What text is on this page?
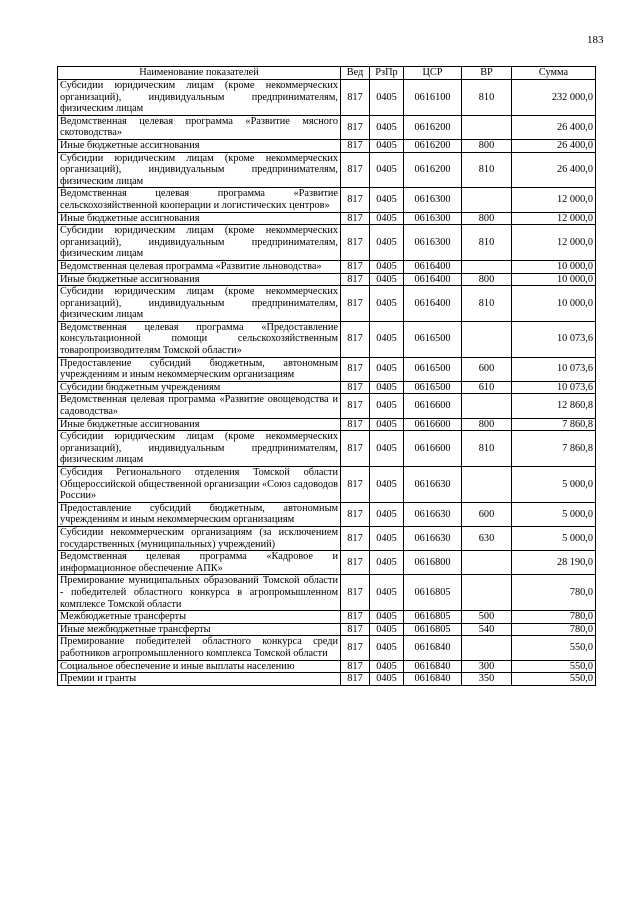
183
Наименование показателей	Вед	РзПр	ЦСР	ВР	Сумма
Субсидии юридическим лицам (кроме некоммерческих организаций), индивидуальным предпринимателям, физическим лицам	817	0405	0616100	810	232 000,0
Ведомственная целевая программа «Развитие мясного скотоводства»	817	0405	0616200		26 400,0
Иные бюджетные ассигнования	817	0405	0616200	800	26 400,0
Субсидии юридическим лицам (кроме некоммерческих организаций), индивидуальным предпринимателям, физическим лицам	817	0405	0616200	810	26 400,0
Ведомственная целевая программа «Развитие сельскохозяйственной кооперации и логистических центров»	817	0405	0616300		12 000,0
Иные бюджетные ассигнования	817	0405	0616300	800	12 000,0
Субсидии юридическим лицам (кроме некоммерческих организаций), индивидуальным предпринимателям, физическим лицам	817	0405	0616300	810	12 000,0
Ведомственная целевая программа «Развитие льноводства»	817	0405	0616400		10 000,0
Иные бюджетные ассигнования	817	0405	0616400	800	10 000,0
Субсидии юридическим лицам (кроме некоммерческих организаций), индивидуальным предпринимателям, физическим лицам	817	0405	0616400	810	10 000,0
Ведомственная целевая программа «Предоставление консультационной помощи сельскохозяйственным товаропроизводителям Томской области»	817	0405	0616500		10 073,6
Предоставление субсидий бюджетным, автономным учреждениям и иным некоммерческим организациям	817	0405	0616500	600	10 073,6
Субсидии бюджетным учреждениям	817	0405	0616500	610	10 073,6
Ведомственная целевая программа «Развитие овощеводства и садоводства»	817	0405	0616600		12 860,8
Иные бюджетные ассигнования	817	0405	0616600	800	7 860,8
Субсидии юридическим лицам (кроме некоммерческих организаций), индивидуальным предпринимателям, физическим лицам	817	0405	0616600	810	7 860,8
Субсидия Регионального отделения Томской области Общероссийской общественной организации «Союз садоводов России»	817	0405	0616630		5 000,0
Предоставление субсидий бюджетным, автономным учреждениям и иным некоммерческим организациям	817	0405	0616630	600	5 000,0
Субсидии некоммерческим организациям (за исключением государственных (муниципальных) учреждений)	817	0405	0616630	630	5 000,0
Ведомственная целевая программа «Кадровое и информационное обеспечение АПК»	817	0405	0616800		28 190,0
Премирование муниципальных образований Томской области - победителей областного конкурса в агропромышленном комплексе Томской области	817	0405	0616805		780,0
Межбюджетные трансферты	817	0405	0616805	500	780,0
Иные межбюджетные трансферты	817	0405	0616805	540	780,0
Премирование победителей областного конкурса среди работников агропромышленного комплекса Томской области	817	0405	0616840		550,0
Социальное обеспечение и иные выплаты населению	817	0405	0616840	300	550,0
Премии и гранты	817	0405	0616840	350	550,0
